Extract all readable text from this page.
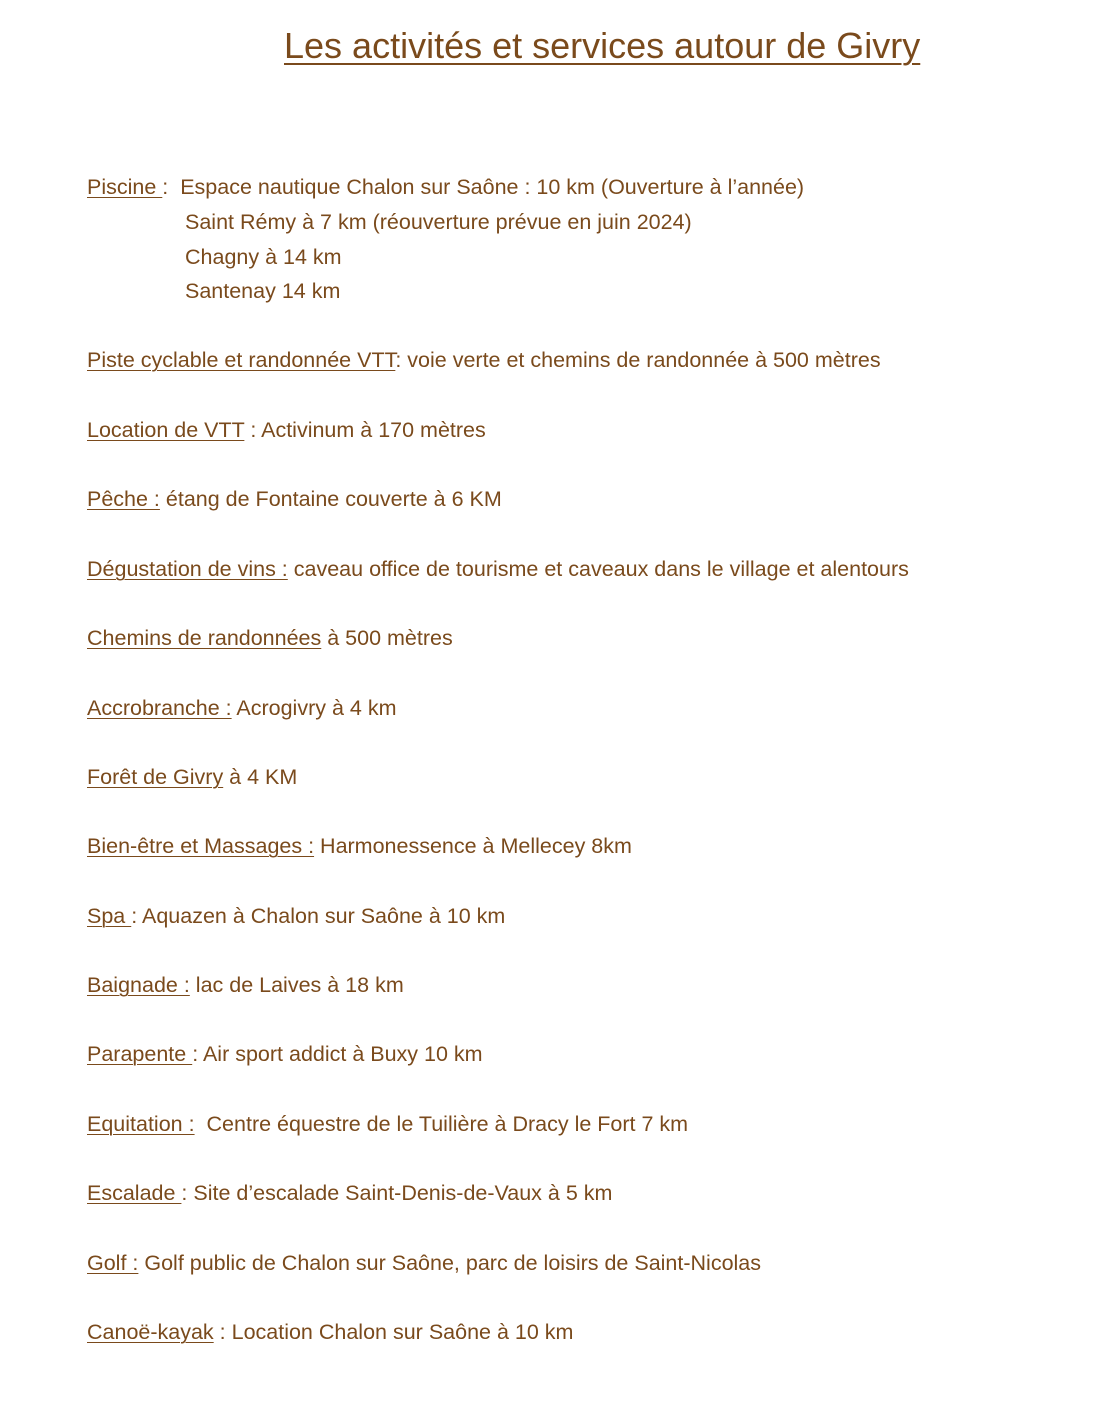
Les activités et services autour de Givry
Piscine :  Espace nautique Chalon sur Saône : 10 km (Ouverture à l’année)
Saint Rémy à 7 km (réouverture prévue en juin 2024)
Chagny à 14 km
Santenay 14 km
Piste cyclable et randonnée VTT: voie verte et chemins de randonnée à 500 mètres
Location de VTT : Activinum à 170 mètres
Pêche : étang de Fontaine couverte à 6 KM
Dégustation de vins : caveau office de tourisme et caveaux dans le village et alentours
Chemins de randonnées à 500 mètres
Accrobranche : Acrogivry à 4 km
Forêt de Givry à 4 KM
Bien-être et Massages : Harmonessence à Mellecey 8km
Spa : Aquazen à Chalon sur Saône à 10 km
Baignade : lac de Laives à 18 km
Parapente : Air sport addict à Buxy 10 km
Equitation :  Centre équestre de le Tuilière à Dracy le Fort 7 km
Escalade : Site d’escalade Saint-Denis-de-Vaux à 5 km
Golf : Golf public de Chalon sur Saône, parc de loisirs de Saint-Nicolas
Canoë-kayak : Location Chalon sur Saône à 10 km
